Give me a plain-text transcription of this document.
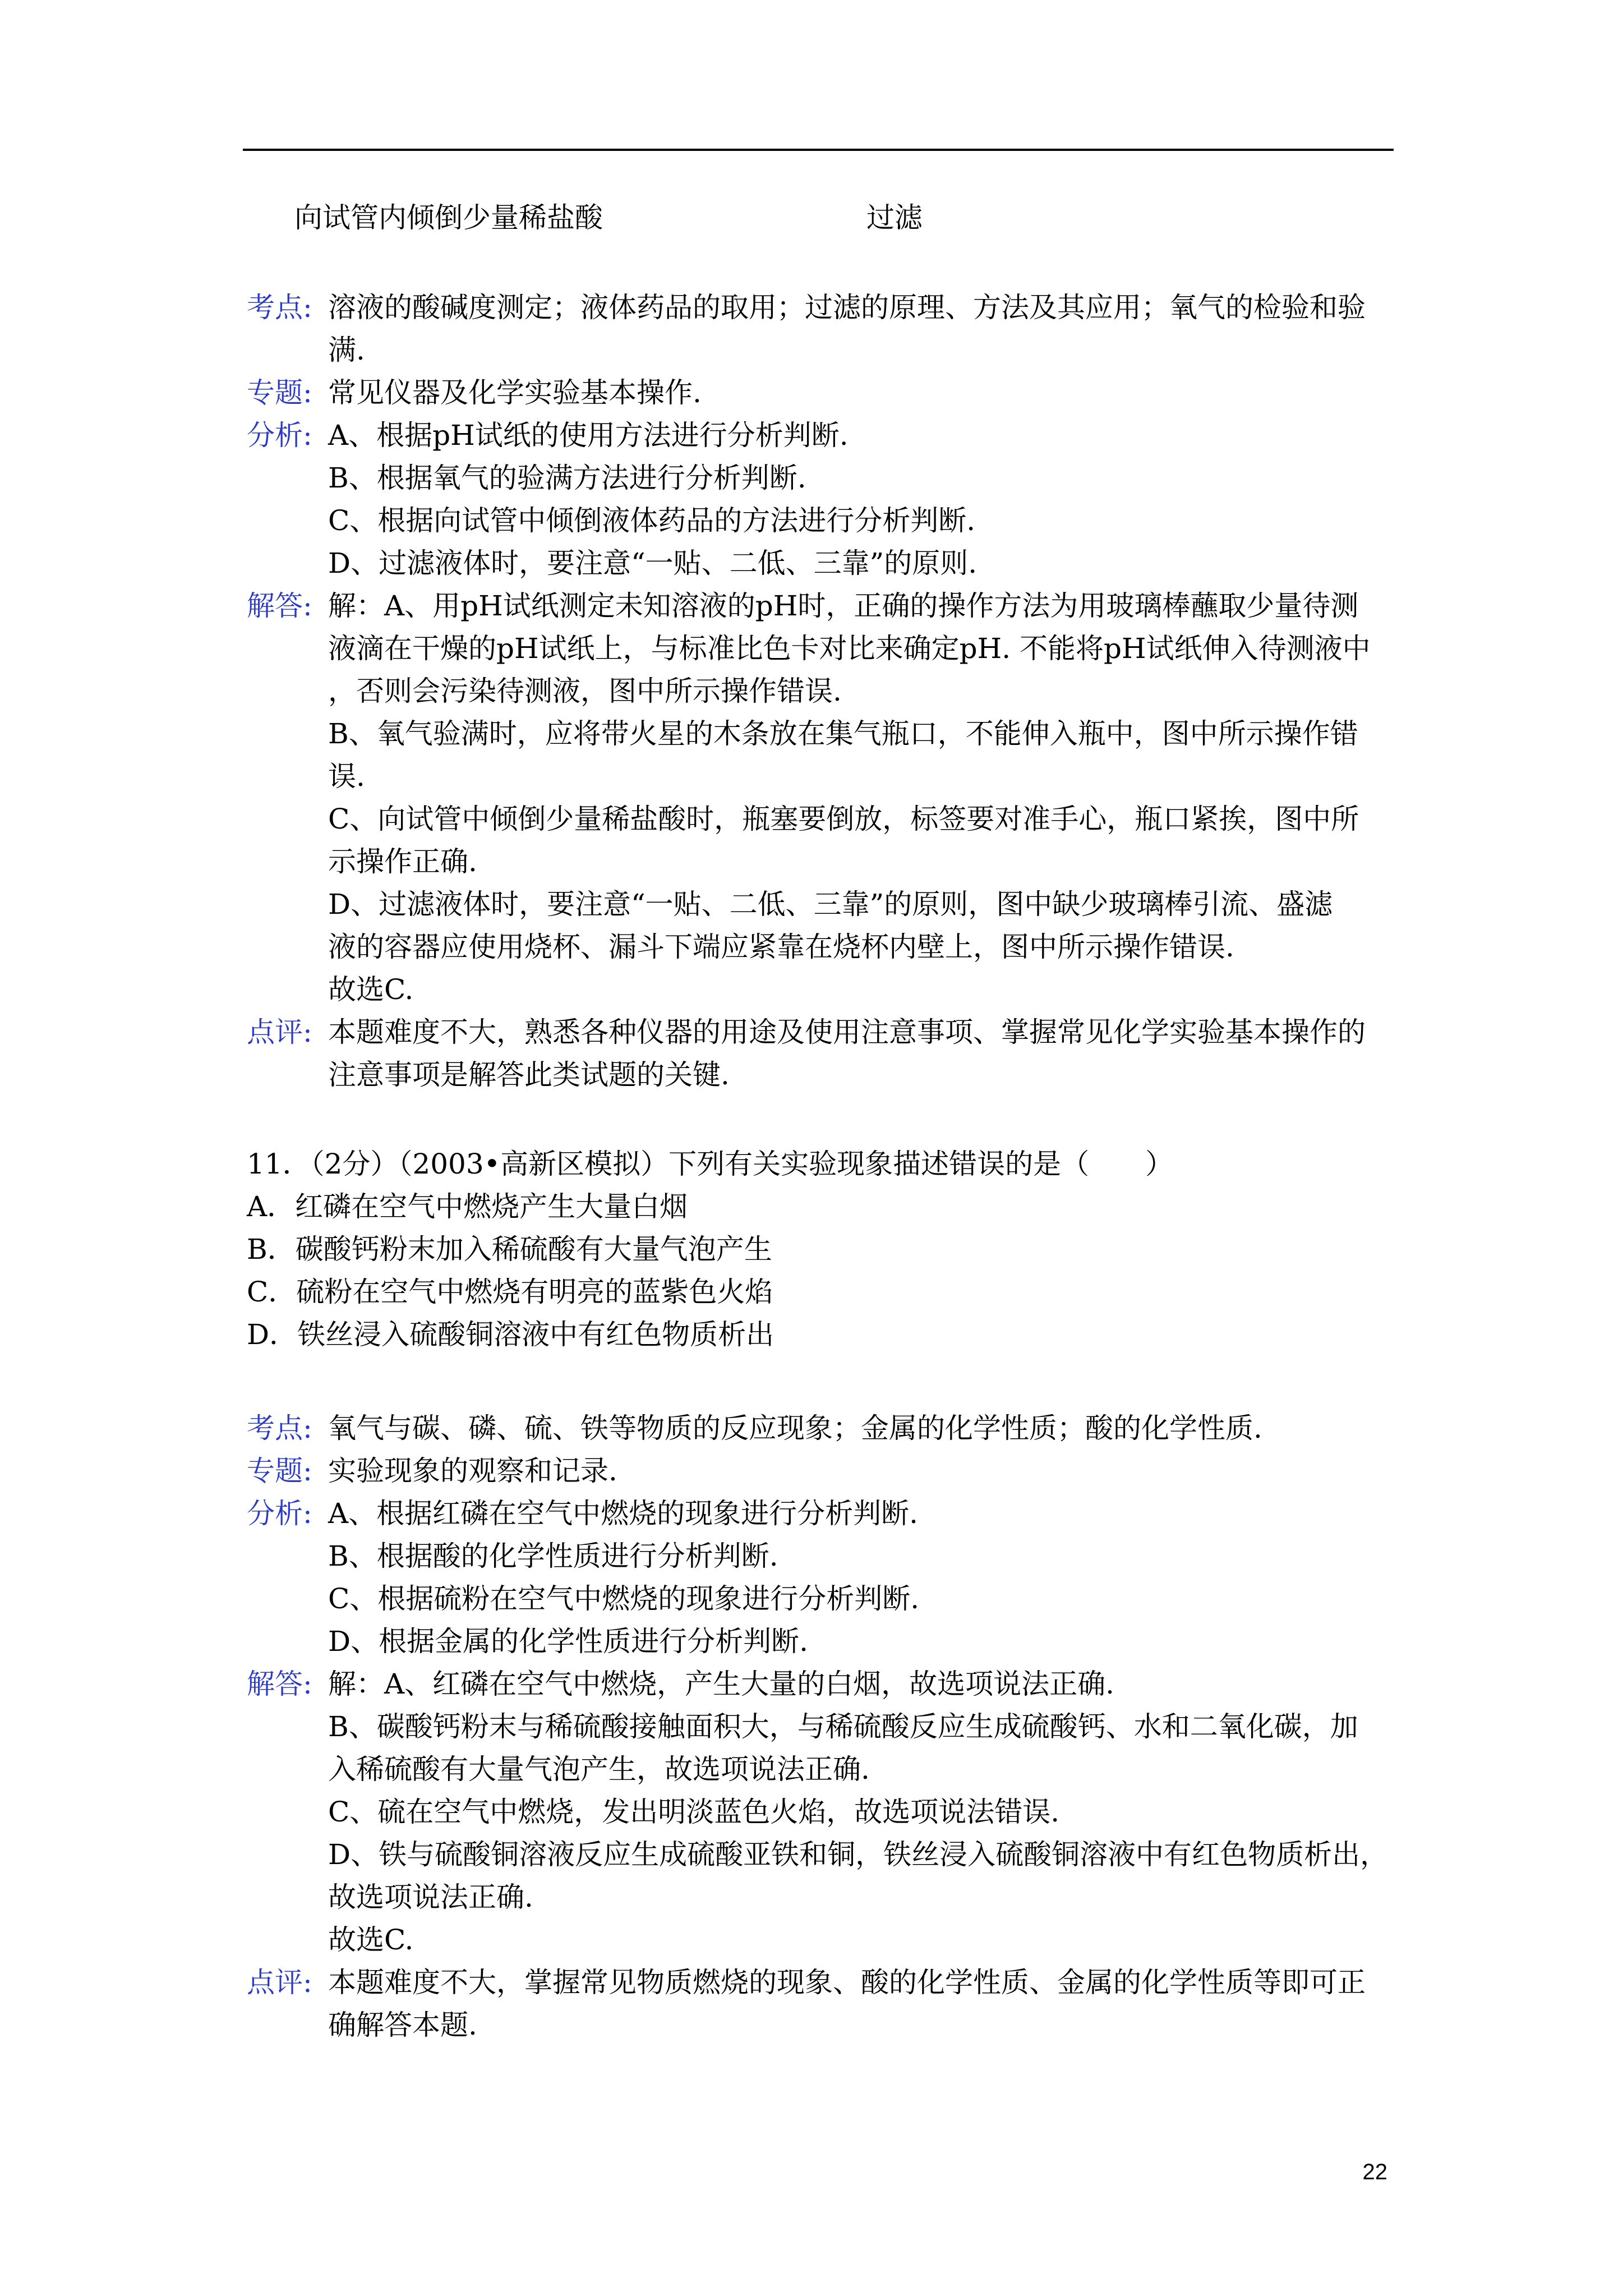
向试管内倾倒少量稀盐酸	过滤
考点: 溶液的酸碱度测定；液体药品的取用；过滤的原理、方法及其应用；氧气的检验和验
满.
专题: 常见仪器及化学实验基本操作.
分析: A、根据pH试纸的使用方法进行分析判断.
B、根据氧气的验满方法进行分析判断.
C、根据向试管中倾倒液体药品的方法进行分析判断.
D、过滤液体时，要注意“一贴、二低、三靠”的原则.
解答: 解：A、用pH试纸测定未知溶液的pH时，正确的操作方法为用玻璃棒蘸取少量待测
液滴在干燥的pH试纸上，与标准比色卡对比来确定pH. 不能将pH试纸伸入待测液中
，否则会污染待测液，图中所示操作错误.
B、氧气验满时，应将带火星的木条放在集气瓶口，不能伸入瓶中，图中所示操作错
误.
C、向试管中倾倒少量稀盐酸时，瓶塞要倒放，标签要对准手心，瓶口紧挨，图中所
示操作正确.
D、过滤液体时，要注意“一贴、二低、三靠”的原则，图中缺少玻璃棒引流、盛滤
液的容器应使用烧杯、漏斗下端应紧靠在烧杯内壁上，图中所示操作错误.
故选C.
点评: 本题难度不大，熟悉各种仪器的用途及使用注意事项、掌握常见化学实验基本操作的
注意事项是解答此类试题的关键.
11．（2分）（2003•高新区模拟）下列有关实验现象描述错误的是（　　）
A．红磷在空气中燃烧产生大量白烟
B．碳酸钙粉末加入稀硫酸有大量气泡产生
C．硫粉在空气中燃烧有明亮的蓝紫色火焰
D．铁丝浸入硫酸铜溶液中有红色物质析出
考点: 氧气与碳、磷、硫、铁等物质的反应现象；金属的化学性质；酸的化学性质.
专题: 实验现象的观察和记录.
分析: A、根据红磷在空气中燃烧的现象进行分析判断.
B、根据酸的化学性质进行分析判断.
C、根据硫粉在空气中燃烧的现象进行分析判断.
D、根据金属的化学性质进行分析判断.
解答: 解：A、红磷在空气中燃烧，产生大量的白烟，故选项说法正确.
B、碳酸钙粉末与稀硫酸接触面积大，与稀硫酸反应生成硫酸钙、水和二氧化碳，加
入稀硫酸有大量气泡产生，故选项说法正确.
C、硫在空气中燃烧，发出明淡蓝色火焰，故选项说法错误.
D、铁与硫酸铜溶液反应生成硫酸亚铁和铜，铁丝浸入硫酸铜溶液中有红色物质析出，
故选项说法正确.
故选C.
点评: 本题难度不大，掌握常见物质燃烧的现象、酸的化学性质、金属的化学性质等即可正
确解答本题.
22
